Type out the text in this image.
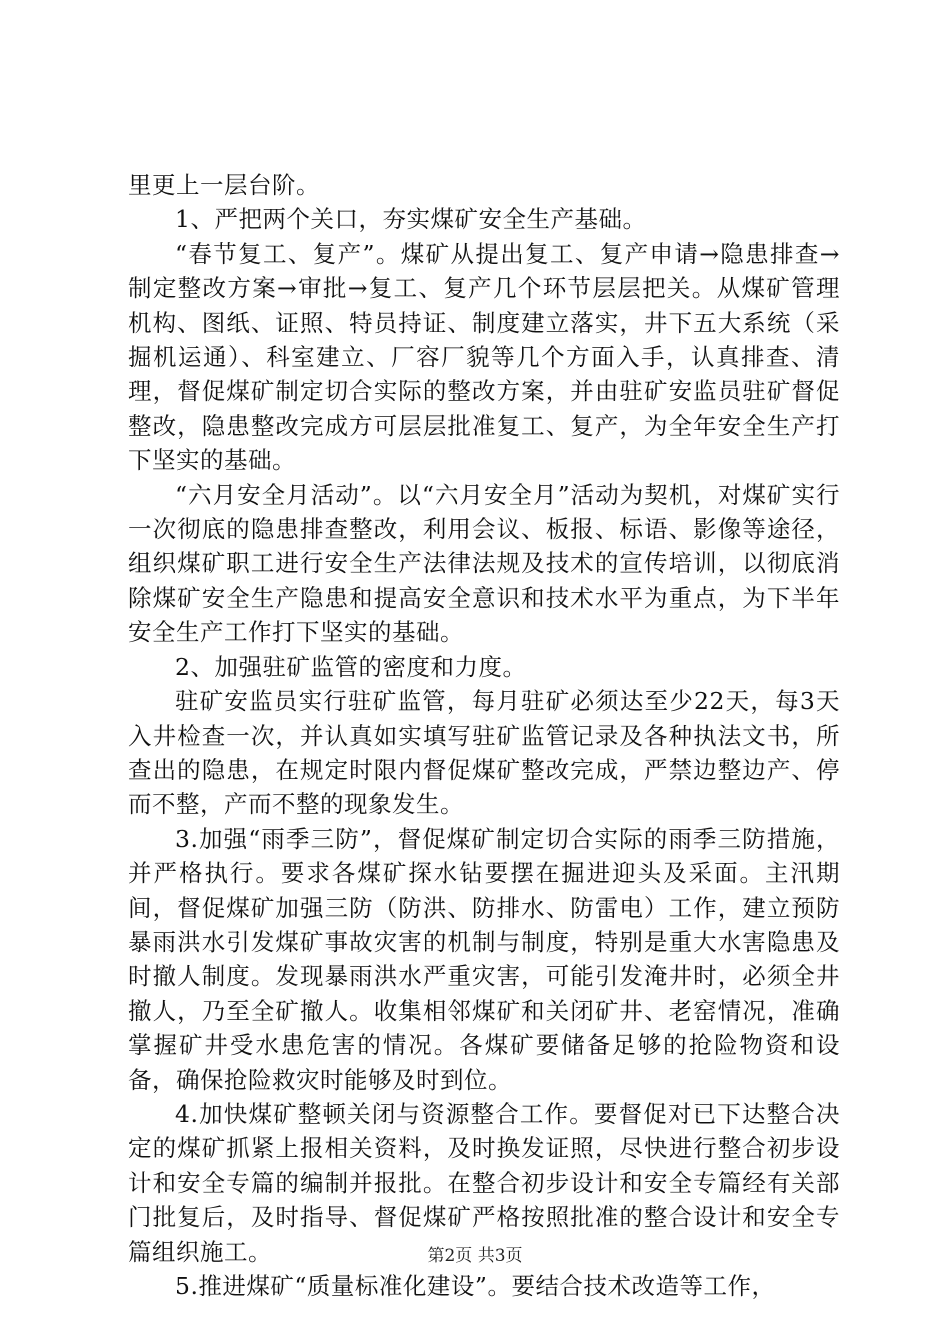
里更上一层台阶。

1、严把两个关口，夯实煤矿安全生产基础。

“春节复工、复产”。煤矿从提出复工、复产申请→隐患排查→制定整改方案→审批→复工、复产几个环节层层把关。从煤矿管理机构、图纸、证照、特员持证、制度建立落实，井下五大系统（采掘机运通）、科室建立、厂容厂貌等几个方面入手，认真排查、清理，督促煤矿制定切合实际的整改方案，并由驻矿安监员驻矿督促整改，隐患整改完成方可层层批准复工、复产，为全年安全生产打下坚实的基础。

“六月安全月活动”。以“六月安全月”活动为契机，对煤矿实行一次彻底的隐患排查整改，利用会议、板报、标语、影像等途径，组织煤矿职工进行安全生产法律法规及技术的宣传培训，以彻底消除煤矿安全生产隐患和提高安全意识和技术水平为重点，为下半年安全生产工作打下坚实的基础。

2、加强驻矿监管的密度和力度。

驻矿安监员实行驻矿监管，每月驻矿必须达至少22天，每3天入井检查一次，并认真如实填写驻矿监管记录及各种执法文书，所查出的隐患，在规定时限内督促煤矿整改完成，严禁边整边产、停而不整，产而不整的现象发生。

3.加强“雨季三防”，督促煤矿制定切合实际的雨季三防措施，并严格执行。要求各煤矿探水钻要摆在掘进迎头及采面。主汛期间，督促煤矿加强三防（防洪、防排水、防雷电）工作，建立预防暴雨洪水引发煤矿事故灾害的机制与制度，特别是重大水害隐患及时撤人制度。发现暴雨洪水严重灾害，可能引发淹井时，必须全井撤人，乃至全矿撤人。收集相邻煤矿和关闭矿井、老窑情况，准确掌握矿井受水患危害的情况。各煤矿要储备足够的抢险物资和设备，确保抢险救灾时能够及时到位。

4.加快煤矿整顿关闭与资源整合工作。要督促对已下达整合决定的煤矿抓紧上报相关资料，及时换发证照，尽快进行整合初步设计和安全专篇的编制并报批。在整合初步设计和安全专篇经有关部门批复后，及时指导、督促煤矿严格按照批准的整合设计和安全专篇组织施工。

5.推进煤矿“质量标准化建设”。要结合技术改造等工作，

第2页 共3页
